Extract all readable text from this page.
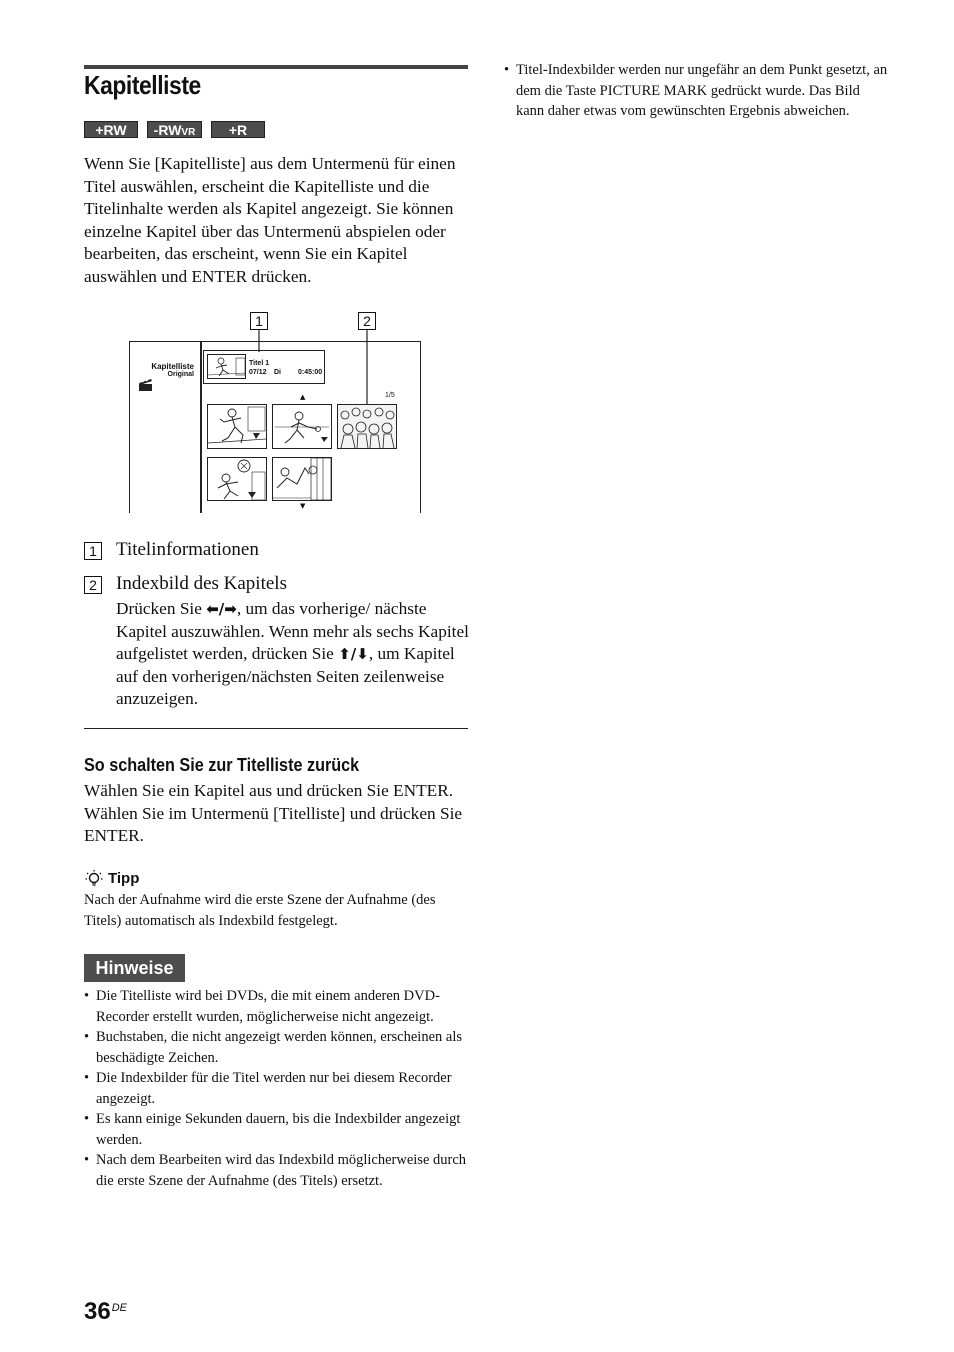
Kapitelliste
+RW	-RWVR	+R
Wenn Sie [Kapitelliste] aus dem Untermenü für einen Titel auswählen, erscheint die Kapitelliste und die Titelinhalte werden als Kapitel angezeigt. Sie können einzelne Kapitel über das Untermenü abspielen oder bearbeiten, das erscheint, wenn Sie ein Kapitel auswählen und ENTER drücken.
1	2
Kapitelliste
Original
Titel 1
07/12 Di 0:45:00
1/5
▲
▼
1 Titelinformationen
2 Indexbild des Kapitels
Drücken Sie ⬅/➡, um das vorherige/ nächste Kapitel auszuwählen. Wenn mehr als sechs Kapitel aufgelistet werden, drücken Sie ⬆/⬇, um Kapitel auf den vorherigen/nächsten Seiten zeilenweise anzuzeigen.
So schalten Sie zur Titelliste zurück
Wählen Sie ein Kapitel aus und drücken Sie ENTER. Wählen Sie im Untermenü [Titelliste] und drücken Sie ENTER.
Tipp
Nach der Aufnahme wird die erste Szene der Aufnahme (des Titels) automatisch als Indexbild festgelegt.
Hinweise
• Die Titelliste wird bei DVDs, die mit einem anderen DVD-Recorder erstellt wurden, möglicherweise nicht angezeigt.
• Buchstaben, die nicht angezeigt werden können, erscheinen als beschädigte Zeichen.
• Die Indexbilder für die Titel werden nur bei diesem Recorder angezeigt.
• Es kann einige Sekunden dauern, bis die Indexbilder angezeigt werden.
• Nach dem Bearbeiten wird das Indexbild möglicherweise durch die erste Szene der Aufnahme (des Titels) ersetzt.
• Titel-Indexbilder werden nur ungefähr an dem Punkt gesetzt, an dem die Taste PICTURE MARK gedrückt wurde. Das Bild kann daher etwas vom gewünschten Ergebnis abweichen.
36DE
